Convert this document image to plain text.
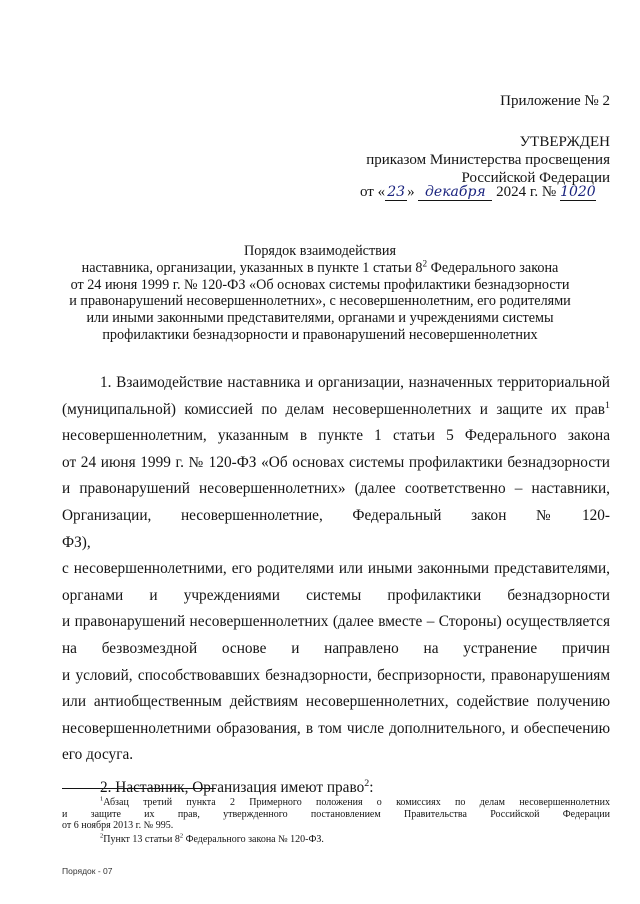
Приложение № 2
УТВЕРЖДЕН
приказом Министерства просвещения
Российской Федерации
от « 23 » декабря 2024 г. № 1020
Порядок взаимодействия
наставника, организации, указанных в пункте 1 статьи $8^2$ Федерального закона
от 24 июня 1999 г. № 120-ФЗ «Об основах системы профилактики безнадзорности
и правонарушений несовершеннолетних», с несовершеннолетним, его родителями
или иными законными представителями, органами и учреждениями системы
профилактики безнадзорности и правонарушений несовершеннолетних
1. Взаимодействие наставника и организации, назначенных территориальной
(муниципальной) комиссией по делам несовершеннолетних и защите их прав$^1$
несовершеннолетним, указанным в пункте 1 статьи 5 Федерального закона
от 24 июня 1999 г. № 120-ФЗ «Об основах системы профилактики безнадзорности
и правонарушений несовершеннолетних» (далее соответственно – наставники,
Организации, несовершеннолетние, Федеральный закон № 120-ФЗ),
с несовершеннолетними, его родителями или иными законными представителями,
органами и учреждениями системы профилактики безнадзорности
и правонарушений несовершеннолетних (далее вместе – Стороны) осуществляется
на безвозмездной основе и направлено на устранение причин
и условий, способствовавших безнадзорности, беспризорности, правонарушениям
или антиобщественным действиям несовершеннолетних, содействие получению
несовершеннолетними образования, в том числе дополнительного, и обеспечению
его досуга.
2. Наставник, Организация имеют право$^2$:
$^1$Абзац третий пункта 2 Примерного положения о комиссиях по делам несовершеннолетних
и защите их прав, утвержденного постановлением Правительства Российской Федерации
от 6 ноября 2013 г. № 995.
$^2$Пункт 13 статьи $8^2$ Федерального закона № 120-ФЗ.
Порядок - 07
